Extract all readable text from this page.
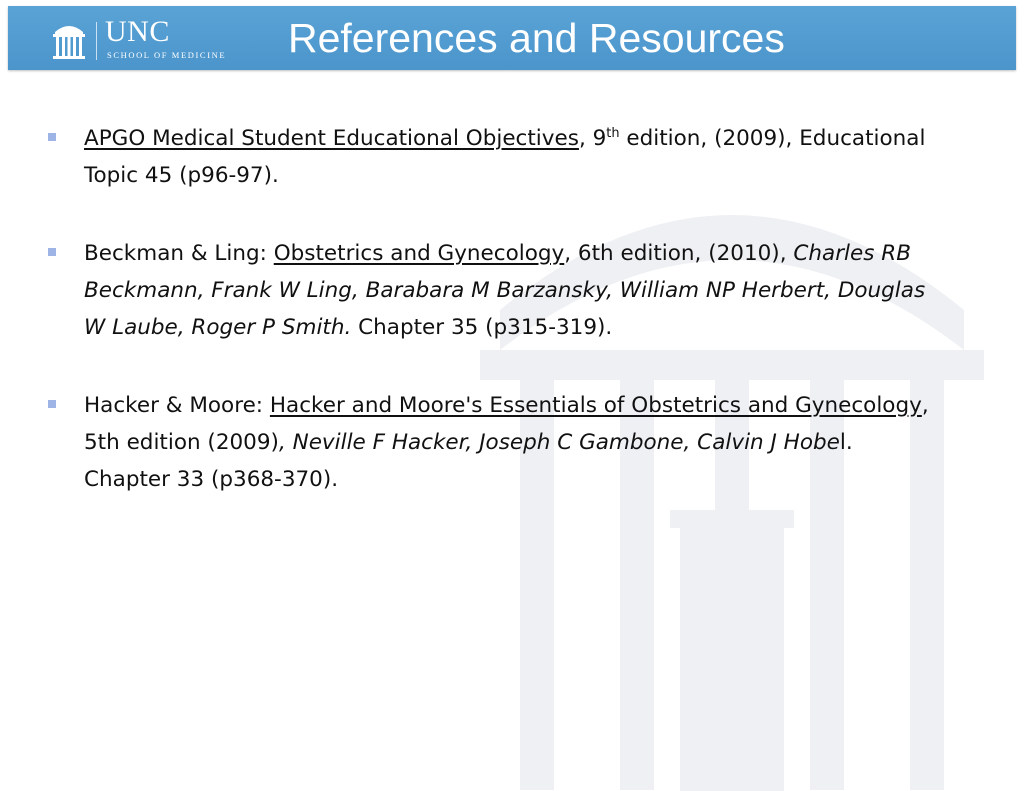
UNC
SCHOOL OF MEDICINE References and Resources
APGO Medical Student Educational Objectives, 9th edition, (2009), Educational Topic 45 (p96-97).
Beckman & Ling: Obstetrics and Gynecology, 6th edition, (2010), Charles RB Beckmann, Frank W Ling, Barabara M Barzansky, William NP Herbert, Douglas W Laube, Roger P Smith. Chapter 35 (p315-319).
Hacker & Moore: Hacker and Moore's Essentials of Obstetrics and Gynecology, 5th edition (2009), Neville F Hacker, Joseph C Gambone, Calvin J Hobel. Chapter 33 (p368-370).
